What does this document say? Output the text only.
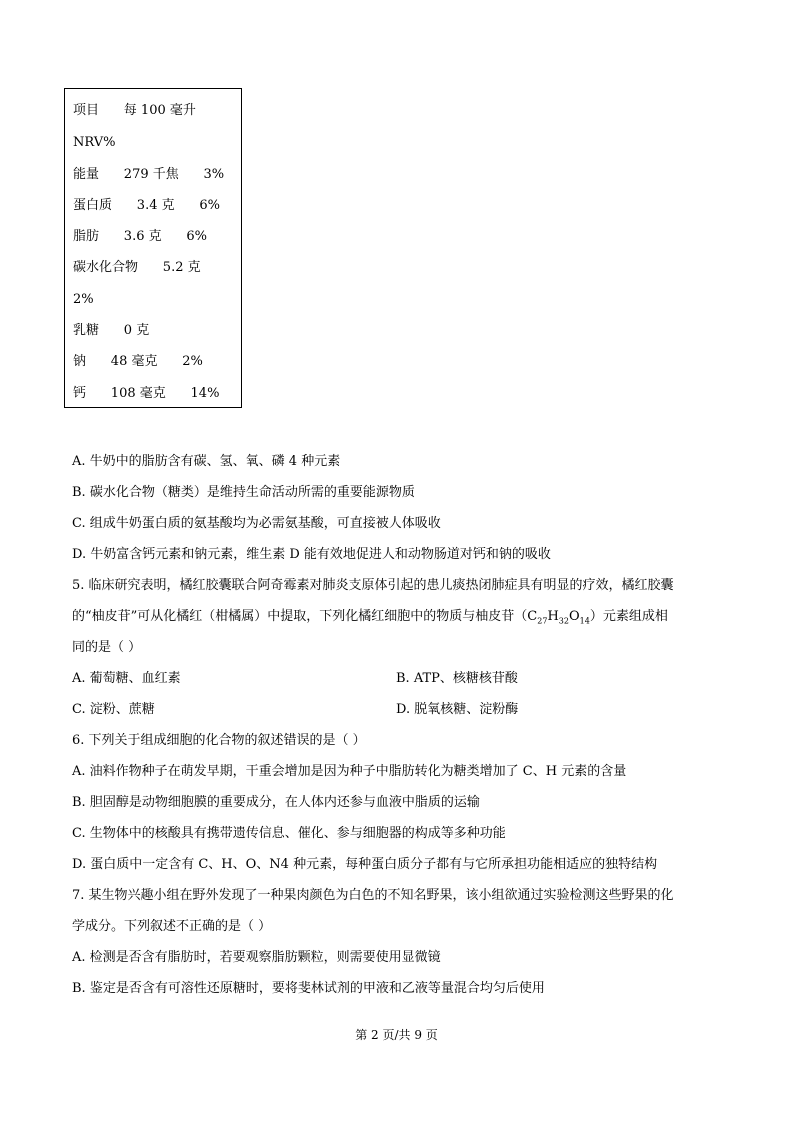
项目      每 100 毫升
NRV%
能量      279 千焦      3%
蛋白质      3.4 克      6%
脂肪      3.6 克      6%
碳水化合物      5.2 克
2%
乳糖      0 克
钠      48 毫克      2%
钙      108 毫克      14%
A. 牛奶中的脂肪含有碳、氢、氧、磷 4 种元素
B. 碳水化合物（糖类）是维持生命活动所需的重要能源物质
C. 组成牛奶蛋白质的氨基酸均为必需氨基酸，可直接被人体吸收
D. 牛奶富含钙元素和钠元素，维生素 D 能有效地促进人和动物肠道对钙和钠的吸收
5. 临床研究表明，橘红胶囊联合阿奇霉素对肺炎支原体引起的患儿痰热闭肺症具有明显的疗效，橘红胶囊
的“柚皮苷”可从化橘红（柑橘属）中提取，下列化橘红细胞中的物质与柚皮苷$(C_{27}H_{32}O_{14})$元素组成相
同的是（ ）
A. 葡萄糖、血红素	B. ATP、核糖核苷酸
C. 淀粉、蔗糖	D. 脱氧核糖、淀粉酶
6. 下列关于组成细胞的化合物的叙述错误的是（ ）
A. 油料作物种子在萌发早期，干重会增加是因为种子中脂肪转化为糖类增加了 C、H 元素的含量
B. 胆固醇是动物细胞膜的重要成分，在人体内还参与血液中脂质的运输
C. 生物体中的核酸具有携带遗传信息、催化、参与细胞器的构成等多种功能
D. 蛋白质中一定含有 C、H、O、N4 种元素，每种蛋白质分子都有与它所承担功能相适应的独特结构
7. 某生物兴趣小组在野外发现了一种果肉颜色为白色的不知名野果，该小组欲通过实验检测这些野果的化
学成分。下列叙述不正确的是（ ）
A. 检测是否含有脂肪时，若要观察脂肪颗粒，则需要使用显微镜
B. 鉴定是否含有可溶性还原糖时，要将斐林试剂的甲液和乙液等量混合均匀后使用
第 2 页/共 9 页
